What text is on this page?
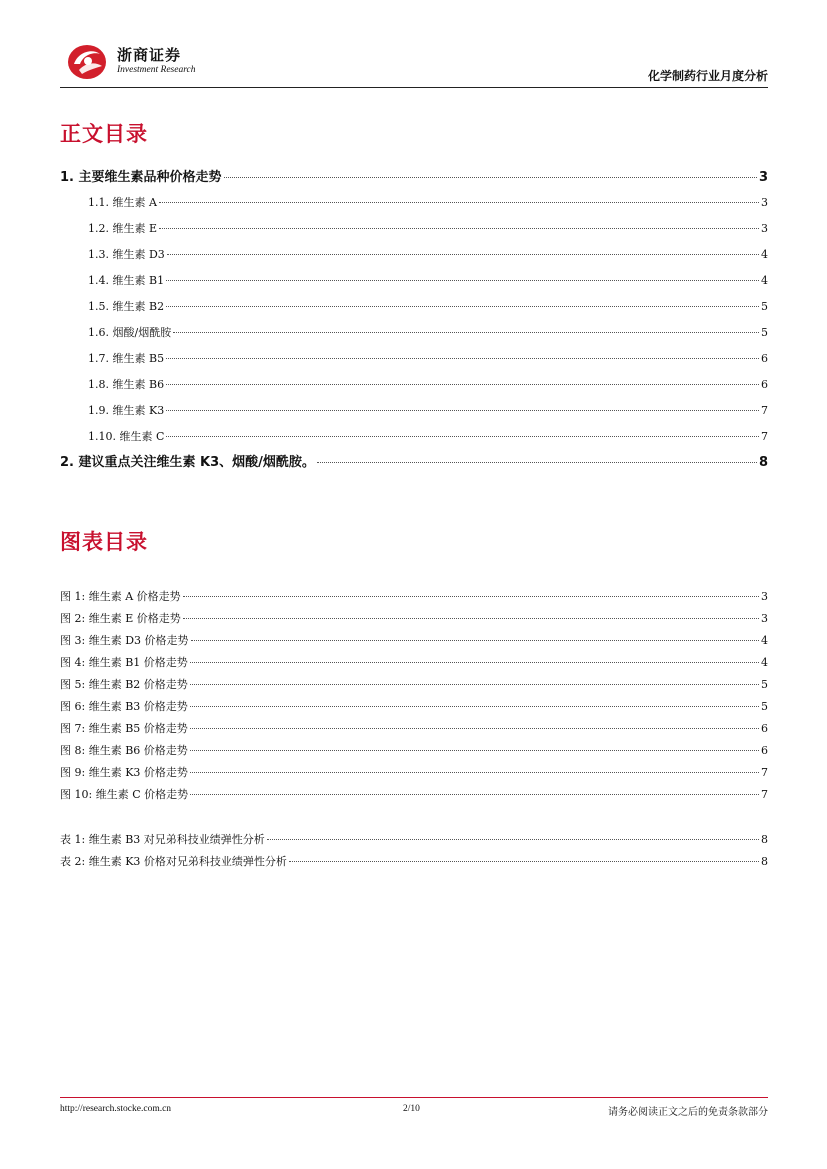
浙商证券
Investment Research	化学制药行业月度分析
正文目录
1. 主要维生素品种价格走势	3
1.1. 维生素 A	3
1.2. 维生素 E	3
1.3. 维生素 D3	4
1.4. 维生素 B1	4
1.5. 维生素 B2	5
1.6. 烟酸/烟酰胺	5
1.7. 维生素 B5	6
1.8. 维生素 B6	6
1.9. 维生素 K3	7
1.10. 维生素 C	7
2. 建议重点关注维生素 K3、烟酸/烟酰胺。	8
图表目录
图 1: 维生素 A 价格走势	3
图 2: 维生素 E 价格走势	3
图 3: 维生素 D3 价格走势	4
图 4: 维生素 B1 价格走势	4
图 5: 维生素 B2 价格走势	5
图 6: 维生素 B3 价格走势	5
图 7: 维生素 B5 价格走势	6
图 8: 维生素 B6 价格走势	6
图 9: 维生素 K3 价格走势	7
图 10: 维生素 C 价格走势	7
表 1: 维生素 B3 对兄弟科技业绩弹性分析	8
表 2: 维生素 K3 价格对兄弟科技业绩弹性分析	8
http://research.stocke.com.cn	2/10	请务必阅读正文之后的免责条款部分
